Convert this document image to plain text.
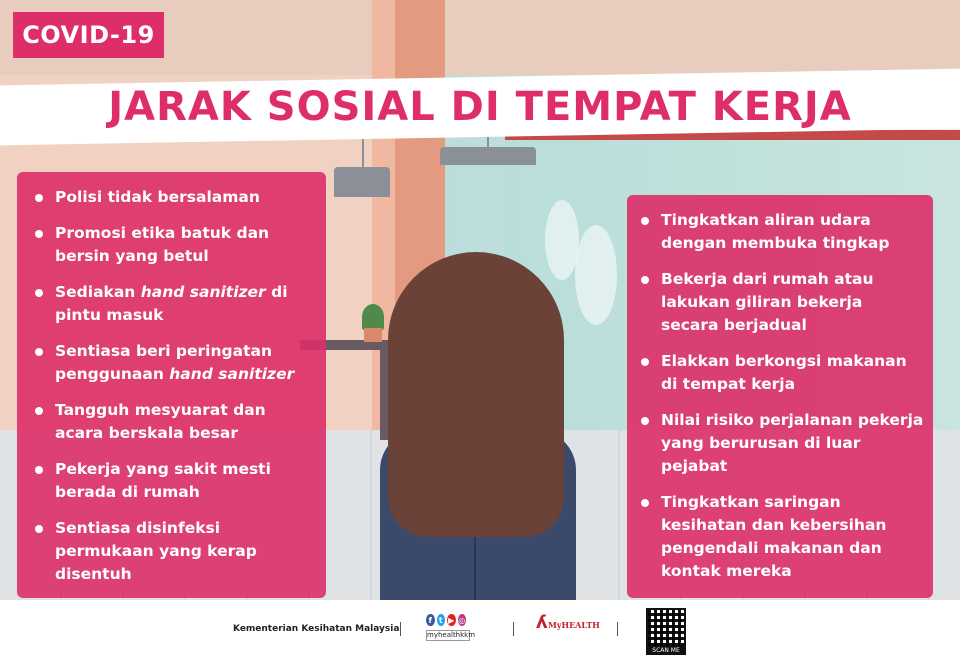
COVID-19
JARAK SOSIAL DI TEMPAT KERJA
Polisi tidak bersalaman
Promosi etika batuk dan bersin yang betul
Sediakan hand sanitizer di pintu masuk
Sentiasa beri peringatan penggunaan hand sanitizer
Tangguh mesyuarat dan acara berskala besar
Pekerja yang sakit mesti berada di rumah
Sentiasa disinfeksi permukaan yang kerap disentuh
Tingkatkan aliran udara dengan membuka tingkap
Bekerja dari rumah atau lakukan giliran bekerja secara berjadual
Elakkan berkongsi makanan di tempat kerja
Nilai risiko perjalanan pekerja yang berurusan di luar pejabat
Tingkatkan saringan kesihatan dan kebersihan pengendali makanan dan kontak mereka
Kementerian Kesihatan Malaysia
f t ▶ ◎
myhealthkkm
ʎ MyHEALTH
SCAN ME
